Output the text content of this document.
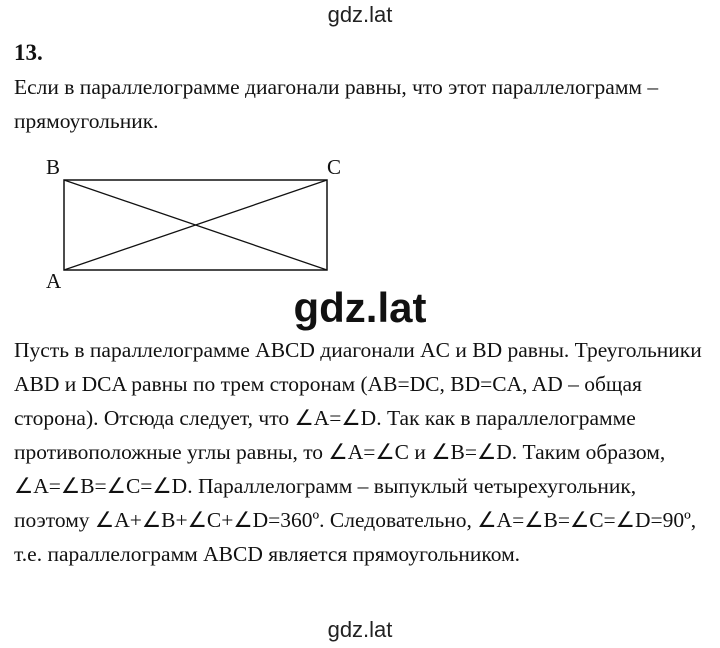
gdz.lat
13.

Если в параллелограмме диагонали равны, что этот параллелограмм – прямоугольник.

B	C
A
gdz.lat

Пусть в параллелограмме ABCD диагонали AC и BD равны. Треугольники ABD и DCA равны по трем сторонам (AB=DC, BD=CA, AD – общая сторона). Отсюда следует, что ∠A=∠D. Так как в параллелограмме противоположные углы равны, то ∠A=∠C и ∠B=∠D. Таким образом, ∠A=∠B=∠C=∠D. Параллелограмм – выпуклый четырехугольник, поэтому ∠A+∠B+∠C+∠D=360º. Следовательно, ∠A=∠B=∠C=∠D=90º, т.е. параллелограмм ABCD является прямоугольником.

gdz.lat
